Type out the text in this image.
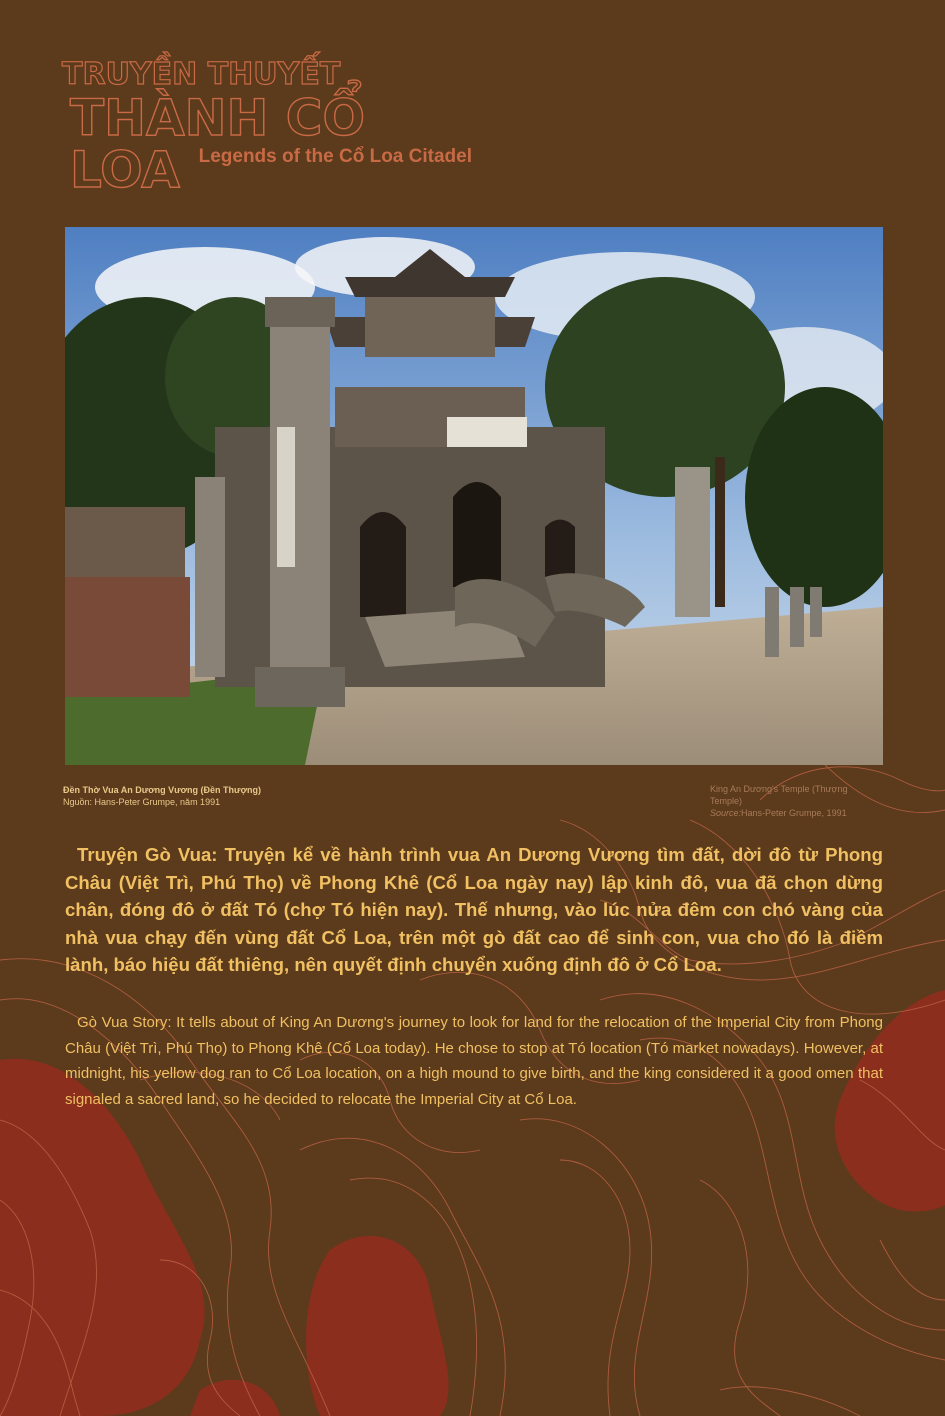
TRUYỀN THUYẾT
THÀNH CỔ LOA Legends of the Cổ Loa Citadel
Đền Thờ Vua An Dương Vương (Đền Thượng)
Nguồn: Hans-Peter Grumpe, năm 1991
King An Dương's Temple (Thượng Temple)
Source:Hans-Peter Grumpe, 1991
Truyện Gò Vua: Truyện kể về hành trình vua An Dương Vương tìm đất, dời đô từ Phong Châu (Việt Trì, Phú Thọ) về Phong Khê (Cổ Loa ngày nay) lập kinh đô, vua đã chọn dừng chân, đóng đô ở đất Tó (chợ Tó hiện nay). Thế nhưng, vào lúc nửa đêm con chó vàng của nhà vua chạy đến vùng đất Cổ Loa, trên một gò đất cao để sinh con, vua cho đó là điềm lành, báo hiệu đất thiêng, nên quyết định chuyển xuống định đô ở Cổ Loa.
Gò Vua Story: It tells about of King An Dương's journey to look for land for the relocation of the Imperial City from Phong Châu (Việt Trì, Phú Thọ) to Phong Khê (Cổ Loa today). He chose to stop at Tó location (Tó market nowadays). However, at midnight, his yellow dog ran to Cổ Loa location, on a high mound to give birth, and the king considered it a good omen that signaled a sacred land, so he decided to relocate the Imperial City at Cổ Loa.
